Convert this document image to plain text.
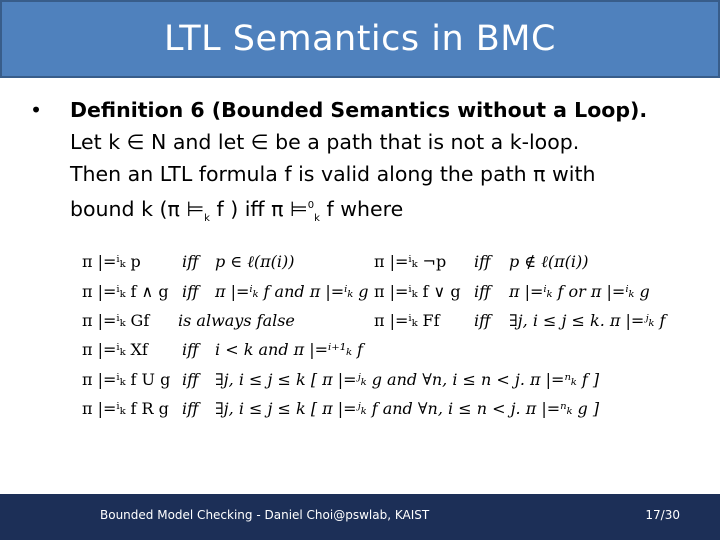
LTL Semantics in BMC
•	Definition 6 (Bounded Semantics without a Loop).
Let k ∈ N and let ∈ be a path that is not a k-loop.
Then an LTL formula f is valid along the path π with
bound k (π $⊨_k$ f ) iff π ⊨$^0_k$ f where
π |=ⁱₖ p	iff p ∈ ℓ(π(i))	π |=ⁱₖ ¬p iff p ∉ ℓ(π(i))
π |=ⁱₖ f ∧ g iff π |=ⁱₖ f and π |=ⁱₖ g π |=ⁱₖ f ∨ g iff π |=ⁱₖ f or π |=ⁱₖ g
π |=ⁱₖ Gf is always false	π |=ⁱₖ Ff iff ∃j, i ≤ j ≤ k. π |=ʲₖ f
π |=ⁱₖ Xf iff i < k and π |=ⁱ⁺¹ₖ f
π |=ⁱₖ f U g iff ∃j, i ≤ j ≤ k [ π |=ʲₖ g and ∀n, i ≤ n < j. π |=ⁿₖ f ]
π |=ⁱₖ f R g iff ∃j, i ≤ j ≤ k [ π |=ʲₖ f and ∀n, i ≤ n < j. π |=ⁿₖ g ]
Bounded Model Checking - Daniel Choi@pswlab, KAIST	17/30
